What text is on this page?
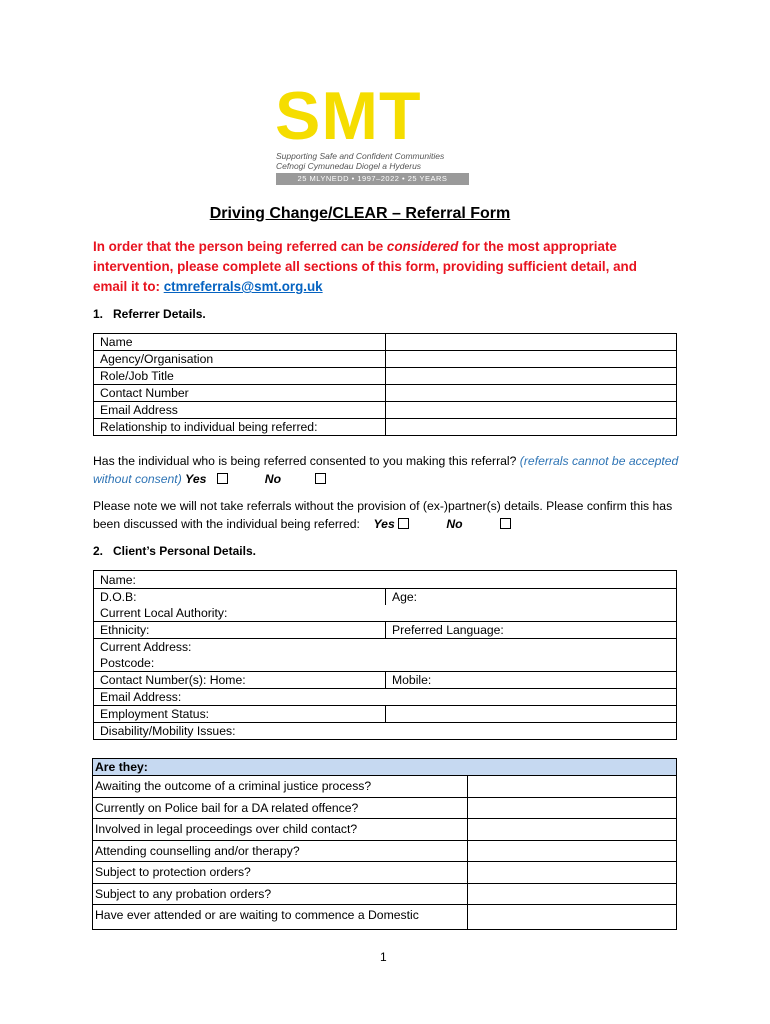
SMT
Supporting Safe and Confident Communities
Cefnogi Cymunedau Diogel a Hyderus
25 MLYNEDD • 1997–2022 • 25 YEARS
Driving Change/CLEAR – Referral Form
In order that the person being referred can be considered for the most appropriate intervention, please complete all sections of this form, providing sufficient detail, and email it to: ctmreferrals@smt.org.uk
1.   Referrer Details.
Name	
Agency/Organisation	
Role/Job Title	
Contact Number	
Email Address	
Relationship to individual being referred:	
Has the individual who is being referred consented to you making this referral? (referrals cannot be accepted without consent) Yes	No
Please note we will not take referrals without the provision of (ex-)partner(s) details. Please confirm this has been discussed with the individual being referred:    Yes	No
2.   Client’s Personal Details.
Name:	
D.O.B:	Age:
Current Local Authority:	
Ethnicity:	Preferred Language:
Current Address:	
Postcode:	
Contact Number(s): Home:	Mobile:
Email Address:	
Employment Status:	
Disability/Mobility Issues:	
Are they:	
Awaiting the outcome of a criminal justice process?	
Currently on Police bail for a DA related offence?	
Involved in legal proceedings over child contact?	
Attending counselling and/or therapy?	
Subject to protection orders?	
Subject to any probation orders?	
Have ever attended or are waiting to commence a Domestic	
1
